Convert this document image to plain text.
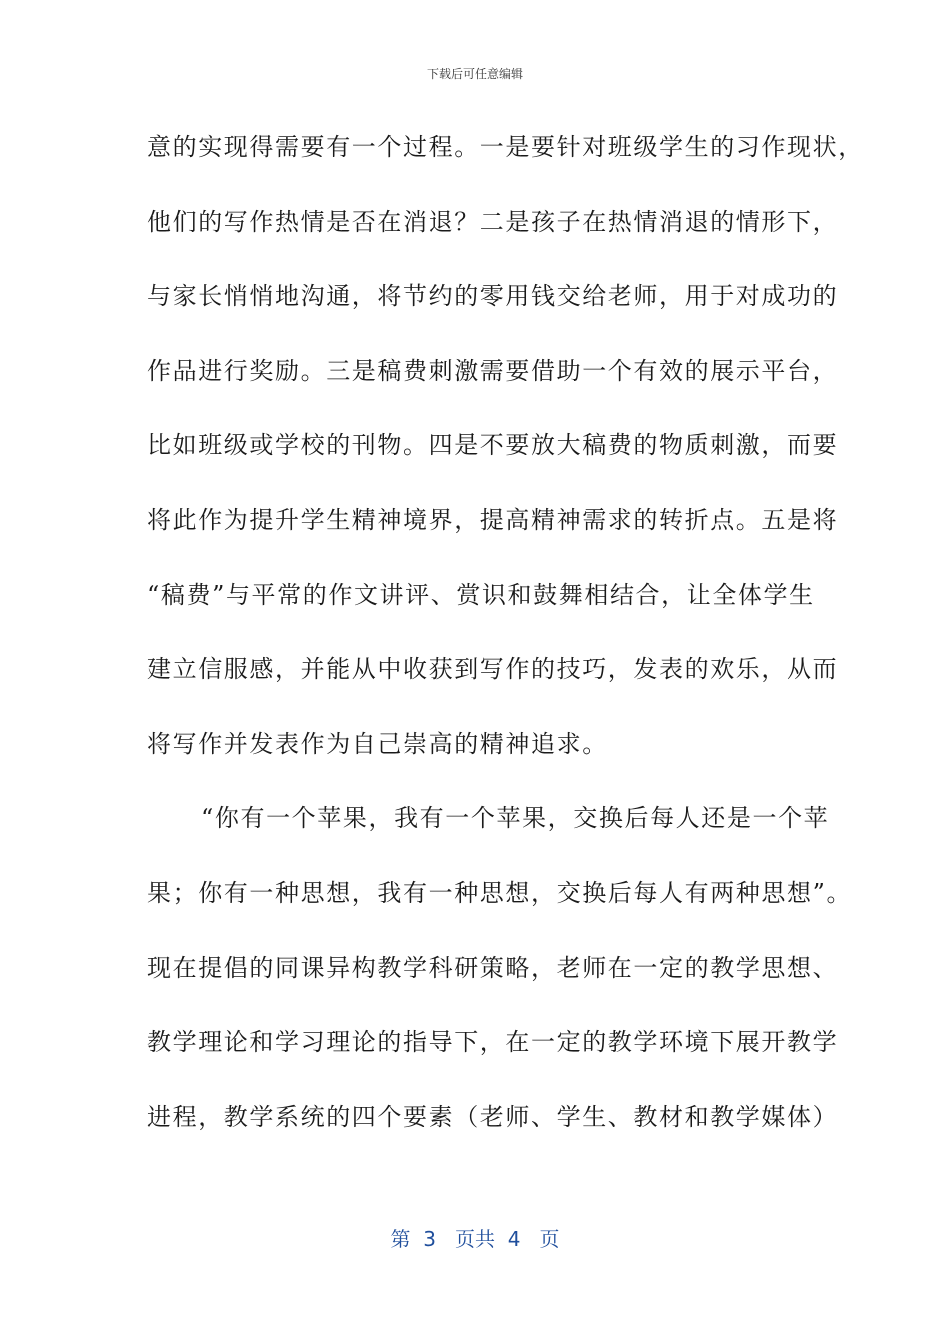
下载后可任意编辑
意的实现得需要有一个过程。一是要针对班级学生的习作现状，
他们的写作热情是否在消退？二是孩子在热情消退的情形下，
与家长悄悄地沟通，将节约的零用钱交给老师，用于对成功的
作品进行奖励。三是稿费刺激需要借助一个有效的展示平台，
比如班级或学校的刊物。四是不要放大稿费的物质刺激，而要
将此作为提升学生精神境界，提高精神需求的转折点。五是将
“稿费”与平常的作文讲评、赏识和鼓舞相结合，让全体学生
建立信服感，并能从中收获到写作的技巧，发表的欢乐，从而
将写作并发表作为自己崇高的精神追求。
“你有一个苹果，我有一个苹果，交换后每人还是一个苹
果；你有一种思想，我有一种思想，交换后每人有两种思想”。
现在提倡的同课异构教学科研策略，老师在一定的教学思想、
教学理论和学习理论的指导下，在一定的教学环境下展开教学
进程，教学系统的四个要素（老师、学生、教材和教学媒体）
第  3   页共  4   页
